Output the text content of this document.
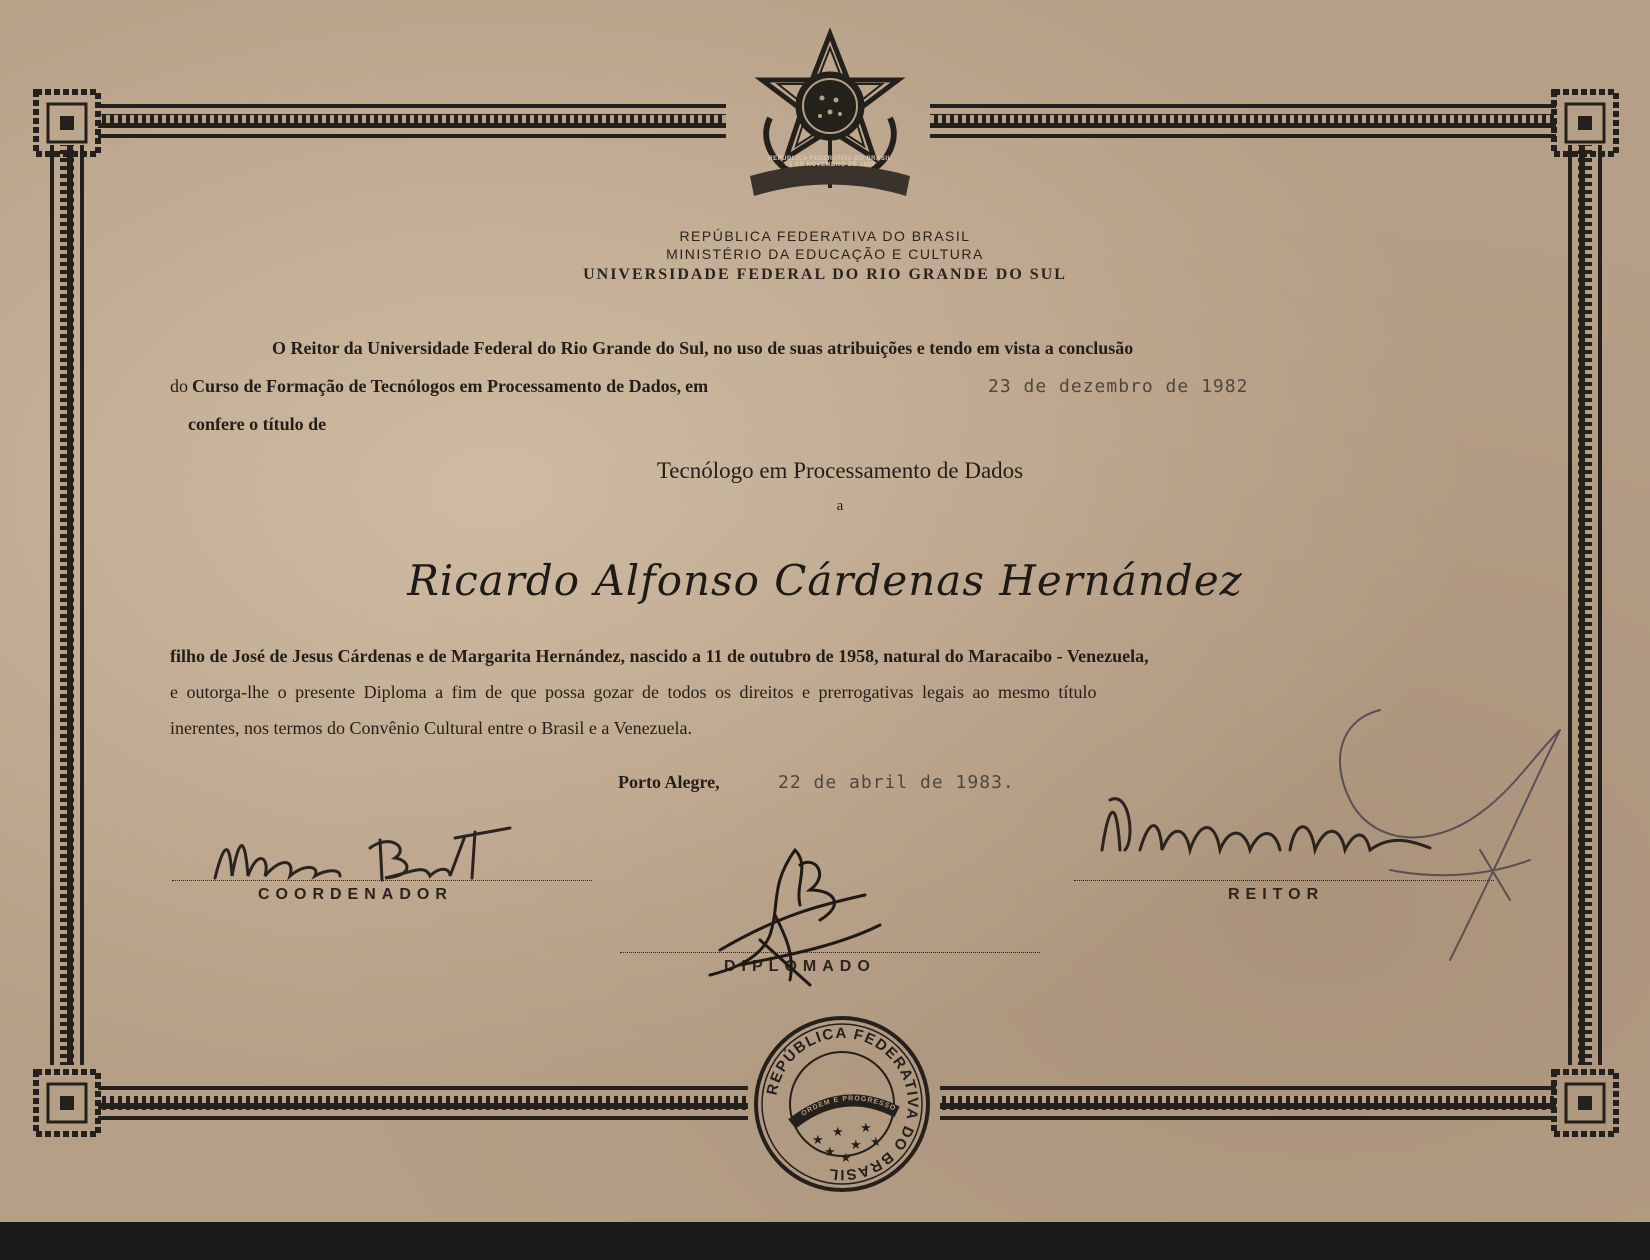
REPÚBLICA FEDERATIVA DO BRASIL
15 DE NOVEMBRO DE 1889
REPÚBLICA FEDERATIVA DO BRASIL
MINISTÉRIO DA EDUCAÇÃO E CULTURA
UNIVERSIDADE FEDERAL DO RIO GRANDE DO SUL
O Reitor da Universidade Federal do Rio Grande do Sul, no uso de suas atribuições e tendo em vista a conclusão
do Curso de Formação de Tecnólogos em Processamento de Dados, em	23 de dezembro de 1982
confere o título de
Tecnólogo em Processamento de Dados
a
Ricardo Alfonso Cárdenas Hernández
filho de José de Jesus Cárdenas e de Margarita Hernández, nascido a 11 de outubro de 1958, natural do Maracaibo - Venezuela,
e outorga-lhe o presente Diploma a fim de que possa gozar de todos os direitos e prerrogativas legais ao mesmo título
inerentes, nos termos do Convênio Cultural entre o Brasil e a Venezuela.
Porto Alegre,	22 de abril de 1983.
COORDENADOR
DIPLOMADO
REITOR
REPÚBLICA FEDERATIVA DO BRASIL
ORDEM E PROGRESSO
★
★
★
★
★
★
★
